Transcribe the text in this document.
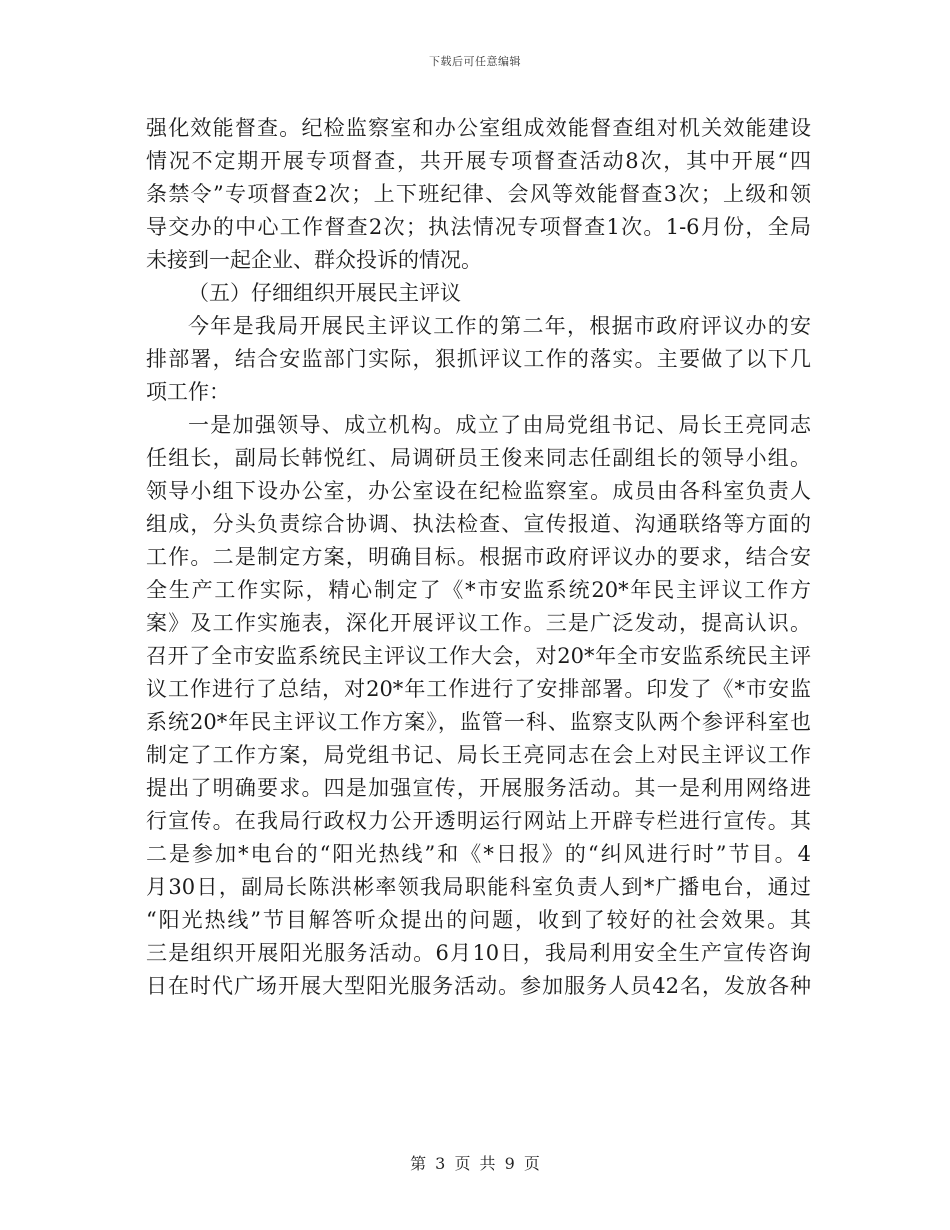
下载后可任意编辑
强化效能督查。纪检监察室和办公室组成效能督查组对机关效能建设
情况不定期开展专项督查，共开展专项督查活动8次，其中开展“四
条禁令”专项督查2次；上下班纪律、会风等效能督查3次；上级和领
导交办的中心工作督查2次；执法情况专项督查1次。1-6月份，全局
未接到一起企业、群众投诉的情况。
（五）仔细组织开展民主评议
今年是我局开展民主评议工作的第二年，根据市政府评议办的安
排部署，结合安监部门实际，狠抓评议工作的落实。主要做了以下几
项工作：
一是加强领导、成立机构。成立了由局党组书记、局长王亮同志
任组长，副局长韩悦红、局调研员王俊来同志任副组长的领导小组。
领导小组下设办公室，办公室设在纪检监察室。成员由各科室负责人
组成，分头负责综合协调、执法检查、宣传报道、沟通联络等方面的
工作。二是制定方案，明确目标。根据市政府评议办的要求，结合安
全生产工作实际，精心制定了《*市安监系统20*年民主评议工作方
案》及工作实施表，深化开展评议工作。三是广泛发动，提高认识。
召开了全市安监系统民主评议工作大会，对20*年全市安监系统民主评
议工作进行了总结，对20*年工作进行了安排部署。印发了《*市安监
系统20*年民主评议工作方案》，监管一科、监察支队两个参评科室也
制定了工作方案，局党组书记、局长王亮同志在会上对民主评议工作
提出了明确要求。四是加强宣传，开展服务活动。其一是利用网络进
行宣传。在我局行政权力公开透明运行网站上开辟专栏进行宣传。其
二是参加*电台的“阳光热线”和《*日报》的“纠风进行时”节目。4
月30日，副局长陈洪彬率领我局职能科室负责人到*广播电台，通过
“阳光热线”节目解答听众提出的问题，收到了较好的社会效果。其
三是组织开展阳光服务活动。6月10日，我局利用安全生产宣传咨询
日在时代广场开展大型阳光服务活动。参加服务人员42名，发放各种
第 3 页 共 9 页
